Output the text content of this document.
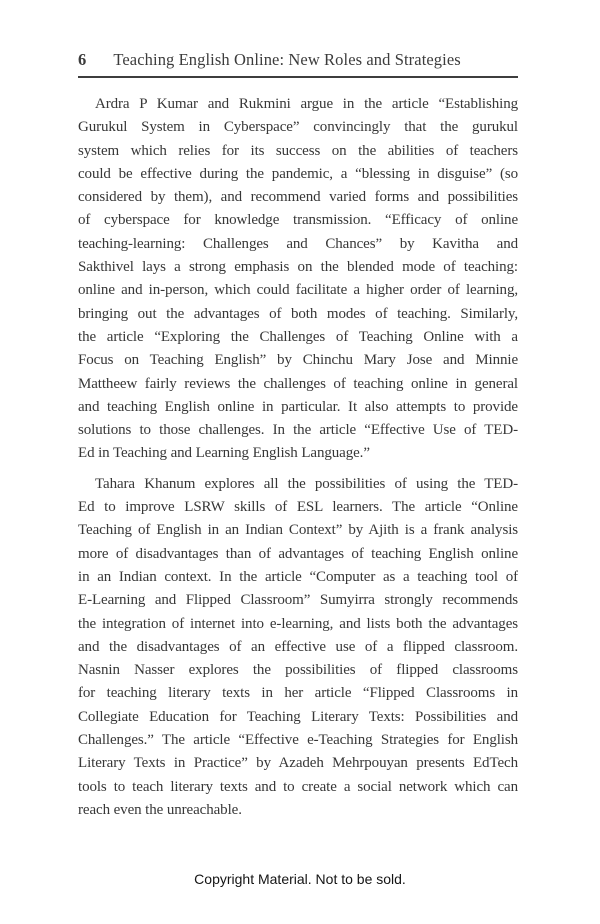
6 Teaching English Online: New Roles and Strategies

Ardra P Kumar and Rukmini argue in the article “Establishing
Gurukul System in Cyberspace” convincingly that the gurukul
system which relies for its success on the abilities of teachers
could be effective during the pandemic, a “blessing in disguise” (so
considered by them), and recommend varied forms and possibilities
of cyberspace for knowledge transmission. “Efficacy of online
teaching-learning: Challenges and Chances” by Kavitha and
Sakthivel lays a strong emphasis on the blended mode of teaching:
online and in-person, which could facilitate a higher order of learning,
bringing out the advantages of both modes of teaching. Similarly,
the article “Exploring the Challenges of Teaching Online with a
Focus on Teaching English” by Chinchu Mary Jose and Minnie
Mattheew fairly reviews the challenges of teaching online in general
and teaching English online in particular. It also attempts to provide
solutions to those challenges. In the article “Effective Use of TED-
Ed in Teaching and Learning English Language.”

Tahara Khanum explores all the possibilities of using the TED-
Ed to improve LSRW skills of ESL learners. The article “Online
Teaching of English in an Indian Context” by Ajith is a frank analysis
more of disadvantages than of advantages of teaching English online
in an Indian context. In the article “Computer as a teaching tool of
E-Learning and Flipped Classroom” Sumyirra strongly recommends
the integration of internet into e-learning, and lists both the advantages
and the disadvantages of an effective use of a flipped classroom.
Nasnin Nasser explores the possibilities of flipped classrooms
for teaching literary texts in her article “Flipped Classrooms in
Collegiate Education for Teaching Literary Texts: Possibilities and
Challenges.” The article “Effective e-Teaching Strategies for English
Literary Texts in Practice” by Azadeh Mehrpouyan presents EdTech
tools to teach literary texts and to create a social network which can
reach even the unreachable.

Copyright Material. Not to be sold.
